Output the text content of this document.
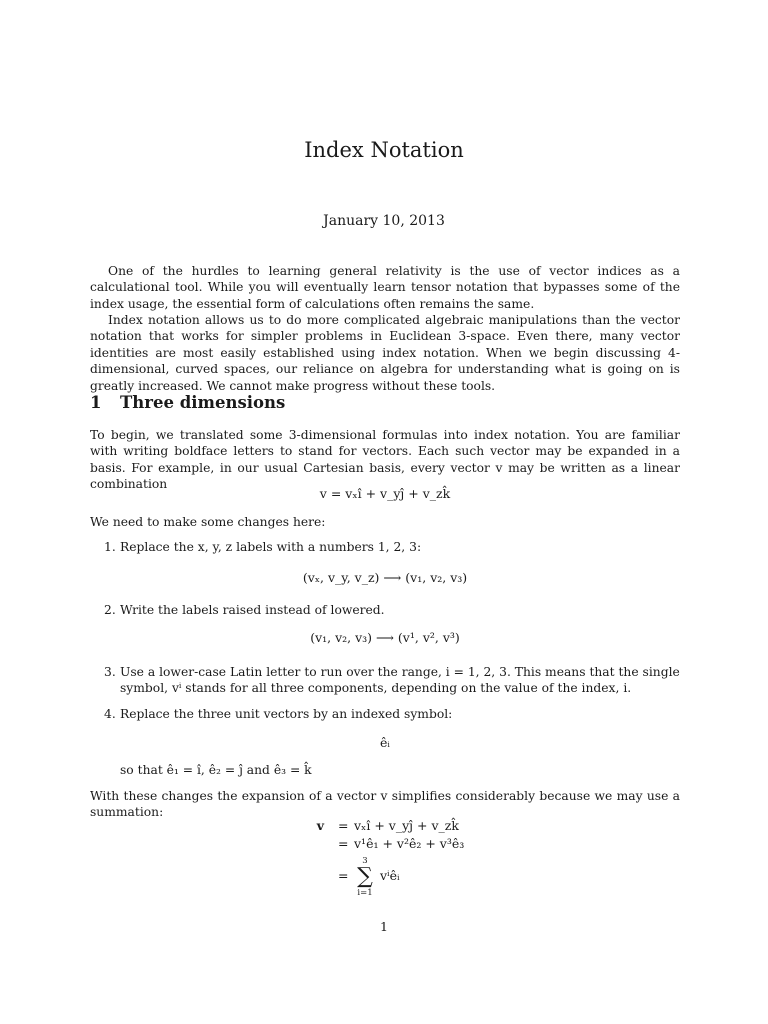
Index Notation
January 10, 2013

One of the hurdles to learning general relativity is the use of vector indices as a calculational tool. While you will eventually learn tensor notation that bypasses some of the index usage, the essential form of calculations often remains the same.

Index notation allows us to do more complicated algebraic manipulations than the vector notation that works for simpler problems in Euclidean 3-space. Even there, many vector identities are most easily established using index notation. When we begin discussing 4-dimensional, curved spaces, our reliance on algebra for understanding what is going on is greatly increased. We cannot make progress without these tools.

1 Three dimensions

To begin, we translated some 3-dimensional formulas into index notation. You are familiar with writing boldface letters to stand for vectors. Each such vector may be expanded in a basis. For example, in our usual Cartesian basis, every vector v may be written as a linear combination

v = vₓî + v_yĵ + v_zk̂

We need to make some changes here:

1. Replace the x, y, z labels with a numbers 1, 2, 3:
(vₓ, v_y, v_z) ⟶ (v₁, v₂, v₃)
2. Write the labels raised instead of lowered.
(v₁, v₂, v₃) ⟶ (v¹, v², v³)
3. Use a lower-case Latin letter to run over the range, i = 1, 2, 3. This means that the single symbol, vⁱ stands for all three components, depending on the value of the index, i.
4. Replace the three unit vectors by an indexed symbol:
êᵢ
so that ê₁ = î, ê₂ = ĵ and ê₃ = k̂

With these changes the expansion of a vector v simplifies considerably because we may use a summation:

v = vₓî + v_yĵ + v_zk̂
= v¹ê₁ + v²ê₂ + v³ê₃
=
3
∑
i=1
vⁱêᵢ
1
